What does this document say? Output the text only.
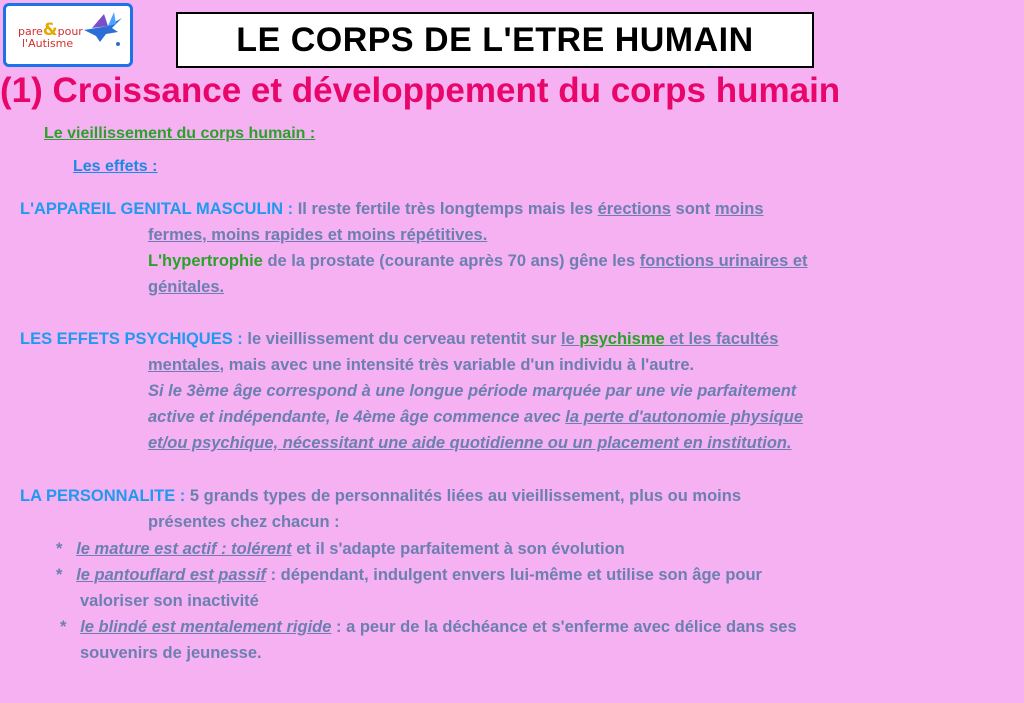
pare&pour
l'Autisme	LE CORPS DE L'ETRE HUMAIN
(1) Croissance et développement du corps humain
Le vieillissement du corps humain :
Les effets :
L'APPAREIL GENITAL MASCULIN : Il reste fertile très longtemps mais les érections sont moins
fermes, moins rapides et moins répétitives.
L'hypertrophie de la prostate (courante après 70 ans) gêne les fonctions urinaires et
génitales.
LES EFFETS PSYCHIQUES : le vieillissement du cerveau retentit sur le psychisme et les facultés
mentales, mais avec une intensité très variable d'un individu à l'autre.
Si le 3ème âge correspond à une longue période marquée par une vie parfaitement
active et indépendante, le 4ème âge commence avec la perte d'autonomie physique
et/ou psychique, nécessitant une aide quotidienne ou un placement en institution.
LA PERSONNALITE : 5 grands types de personnalités liées au vieillissement, plus ou moins
présentes chez chacun :
* le mature est actif : tolérent et il s'adapte parfaitement à son évolution
* le pantouflard est passif : dépendant, indulgent envers lui-même et utilise son âge pour
valoriser son inactivité
* le blindé est mentalement rigide : a peur de la déchéance et s'enferme avec délice dans ses
souvenirs de jeunesse.
